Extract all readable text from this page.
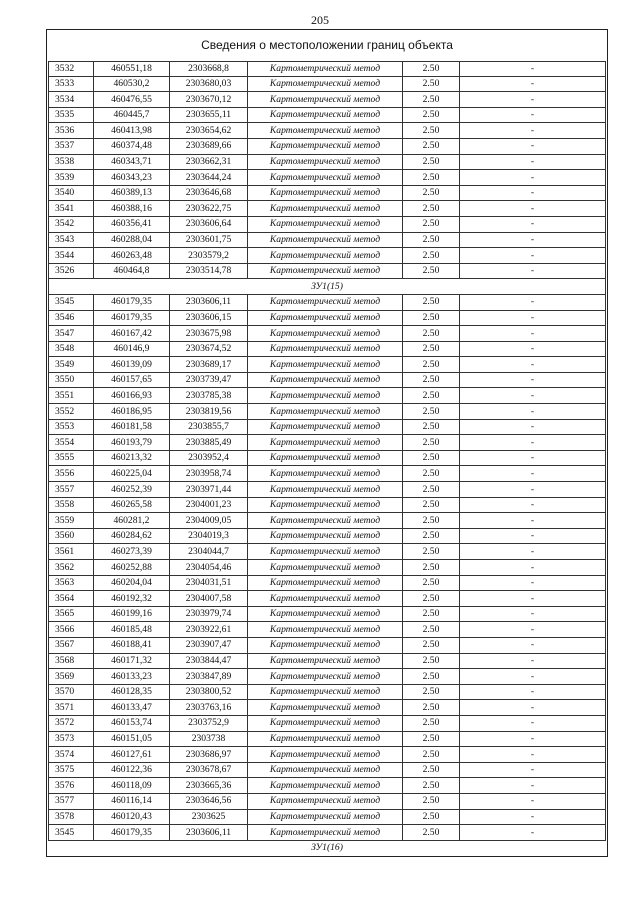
205
Сведения о местоположении границ объекта
3532	460551,18	2303668,8	Картометрический метод	2.50	-
3533	460530,2	2303680,03	Картометрический метод	2.50	-
3534	460476,55	2303670,12	Картометрический метод	2.50	-
3535	460445,7	2303655,11	Картометрический метод	2.50	-
3536	460413,98	2303654,62	Картометрический метод	2.50	-
3537	460374,48	2303689,66	Картометрический метод	2.50	-
3538	460343,71	2303662,31	Картометрический метод	2.50	-
3539	460343,23	2303644,24	Картометрический метод	2.50	-
3540	460389,13	2303646,68	Картометрический метод	2.50	-
3541	460388,16	2303622,75	Картометрический метод	2.50	-
3542	460356,41	2303606,64	Картометрический метод	2.50	-
3543	460288,04	2303601,75	Картометрический метод	2.50	-
3544	460263,48	2303579,2	Картометрический метод	2.50	-
3526	460464,8	2303514,78	Картометрический метод	2.50	-
ЗУ1(15)
3545	460179,35	2303606,11	Картометрический метод	2.50	-
3546	460179,35	2303606,15	Картометрический метод	2.50	-
3547	460167,42	2303675,98	Картометрический метод	2.50	-
3548	460146,9	2303674,52	Картометрический метод	2.50	-
3549	460139,09	2303689,17	Картометрический метод	2.50	-
3550	460157,65	2303739,47	Картометрический метод	2.50	-
3551	460166,93	2303785,38	Картометрический метод	2.50	-
3552	460186,95	2303819,56	Картометрический метод	2.50	-
3553	460181,58	2303855,7	Картометрический метод	2.50	-
3554	460193,79	2303885,49	Картометрический метод	2.50	-
3555	460213,32	2303952,4	Картометрический метод	2.50	-
3556	460225,04	2303958,74	Картометрический метод	2.50	-
3557	460252,39	2303971,44	Картометрический метод	2.50	-
3558	460265,58	2304001,23	Картометрический метод	2.50	-
3559	460281,2	2304009,05	Картометрический метод	2.50	-
3560	460284,62	2304019,3	Картометрический метод	2.50	-
3561	460273,39	2304044,7	Картометрический метод	2.50	-
3562	460252,88	2304054,46	Картометрический метод	2.50	-
3563	460204,04	2304031,51	Картометрический метод	2.50	-
3564	460192,32	2304007,58	Картометрический метод	2.50	-
3565	460199,16	2303979,74	Картометрический метод	2.50	-
3566	460185,48	2303922,61	Картометрический метод	2.50	-
3567	460188,41	2303907,47	Картометрический метод	2.50	-
3568	460171,32	2303844,47	Картометрический метод	2.50	-
3569	460133,23	2303847,89	Картометрический метод	2.50	-
3570	460128,35	2303800,52	Картометрический метод	2.50	-
3571	460133,47	2303763,16	Картометрический метод	2.50	-
3572	460153,74	2303752,9	Картометрический метод	2.50	-
3573	460151,05	2303738	Картометрический метод	2.50	-
3574	460127,61	2303686,97	Картометрический метод	2.50	-
3575	460122,36	2303678,67	Картометрический метод	2.50	-
3576	460118,09	2303665,36	Картометрический метод	2.50	-
3577	460116,14	2303646,56	Картометрический метод	2.50	-
3578	460120,43	2303625	Картометрический метод	2.50	-
3545	460179,35	2303606,11	Картометрический метод	2.50	-
ЗУ1(16)
